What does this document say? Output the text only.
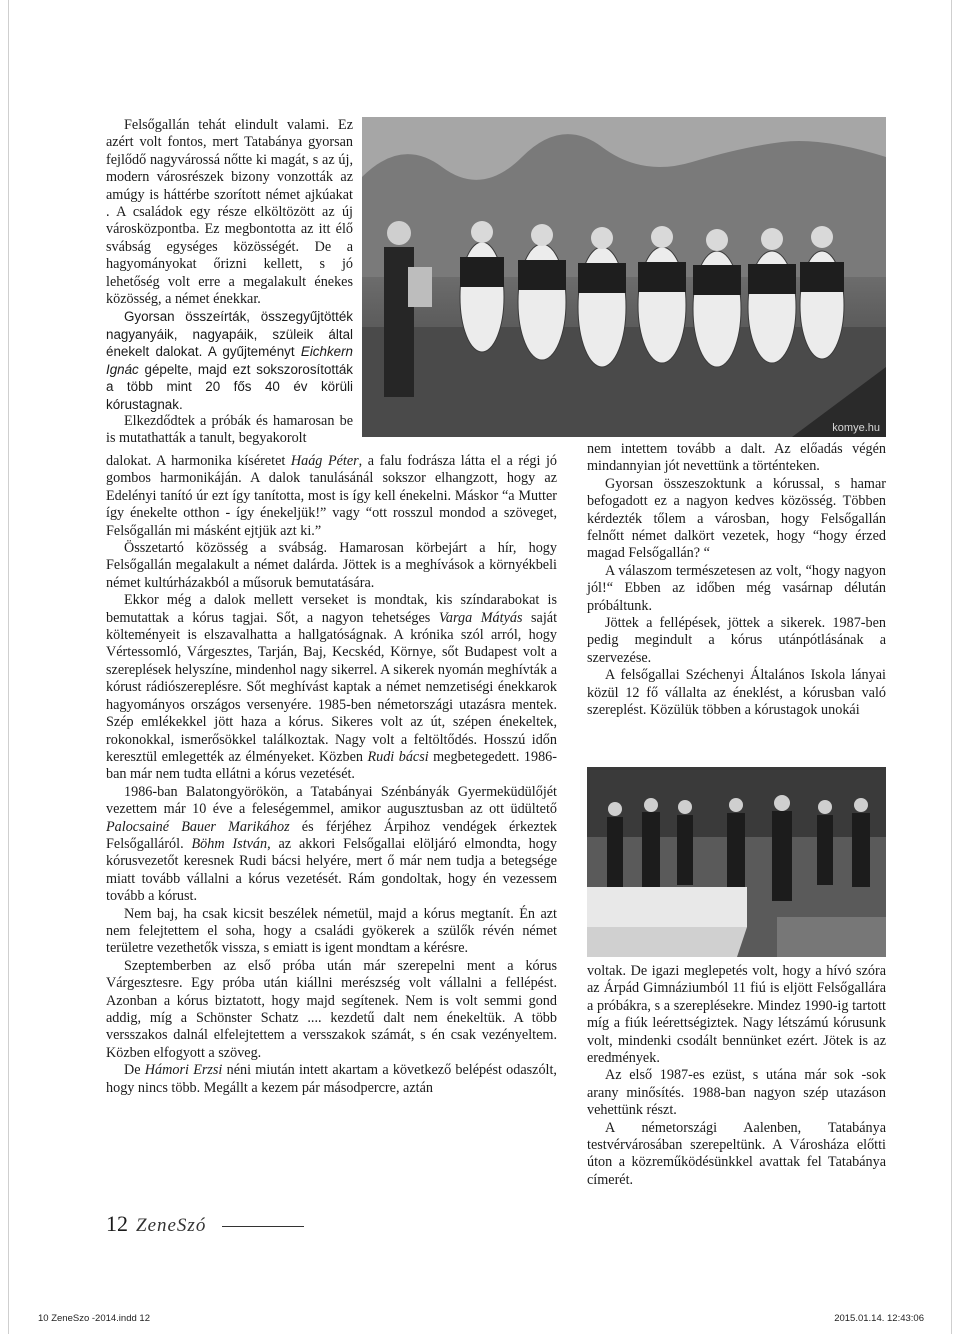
Felsőgallán tehát elindult valami. Ez azért volt fontos, mert Tatabánya gyorsan fejlődő nagyvárossá nőtte ki magát, s az új, modern városrészek bizony vonzották az amúgy is háttérbe szorított német ajkúakat . A családok egy része elköltözött az új városközpontba. Ez megbontotta az itt élő svábság egységes közösségét. De a hagyományokat őrizni kellett, s jó lehetőség volt erre a megalakult énekes közösség, a német énekkar.

Gyorsan összeírták, összegyűjtötték nagyanyáik, nagyapáik, szüleik által énekelt dalokat. A gyűjteményt Eichkern Ignác gépelte, majd ezt sokszorosították a több mint 20 fős 40 év körüli kórustagnak.

Elkezdődtek a próbák és hamarosan be is mutathatták a tanult, begyakorolt

komye.hu

dalokat. A harmonika kíséretet Haág Péter, a falu fodrásza látta el a régi jó gombos harmonikáján. A dalok tanulásánál sokszor elhangzott, hogy az Edelényi tanító úr ezt így tanította, most is így kell énekelni. Máskor “a Mutter így énekelte otthon - így énekeljük!” vagy “ott rosszul mondod a szöveget, Felsőgallán mi másként ejtjük azt ki.”

Összetartó közösség a svábság. Hamarosan körbejárt a hír, hogy Felsőgallán megalakult a német dalárda. Jöttek is a meghívások a környékbeli német kultúrházakból a műsoruk bemutatására.

Ekkor még a dalok mellett verseket is mondtak, kis színdarabokat is bemutattak a kórus tagjai. Sőt, a nagyon tehetséges Varga Mátyás saját költeményeit is elszavalhatta a hallgatóságnak. A krónika szól arról, hogy Vértessomló, Várgesztes, Tarján, Baj, Kecskéd, Környe, sőt Budapest volt a szereplések helyszíne, mindenhol nagy sikerrel. A sikerek nyomán meghívták a kórust rádiószereplésre. Sőt meghívást kaptak a német nemzetiségi énekkarok hagyományos országos versenyére. 1985-ben németországi utazásra mentek. Szép emlékekkel jött haza a kórus. Sikeres volt az út, szépen énekeltek, rokonokkal, ismerősökkel találkoztak. Nagy volt a feltöltődés. Hosszú időn keresztül emlegették az élményeket. Közben Rudi bácsi megbetegedett. 1986-ban már nem tudta ellátni a kórus vezetését.

1986-ban Balatongyörökön, a Tatabányai Szénbányák Gyermeküdülőjét vezettem már 10 éve a feleségemmel, amikor augusztusban az ott üdültető Palocsainé Bauer Marikához és férjéhez Árpihoz vendégek érkeztek Felsőgalláról. Böhm István, az akkori Felsőgallai elöljáró elmondta, hogy kórusvezetőt keresnek Rudi bácsi helyére, mert ő már nem tudja a betegsége miatt tovább vállalni a kórus vezetését. Rám gondoltak, hogy én vezessem tovább a kórust.

Nem baj, ha csak kicsit beszélek németül, majd a kórus megtanít. Én azt nem felejtettem el soha, hogy a családi gyökerek a szülők révén német területre vezethetők vissza, s emiatt is igent mondtam a kérésre.

Szeptemberben az első próba után már szerepelni ment a kórus Várgesztesre. Egy próba után kiállni merészség volt vállalni a fellépést. Azonban a kórus biztatott, hogy majd segítenek. Nem is volt semmi gond addig, míg a Schönster Schatz .... kezdetű dalt nem énekeltük. A több versszakos dalnál elfelejtettem a versszakok számát, s én csak vezényeltem. Közben elfogyott a szöveg.

De Hámori Erzsi néni miután intett akartam a következő belépést odaszólt, hogy nincs több. Megállt a kezem pár másodpercre, aztán

nem intettem tovább a dalt. Az előadás végén mindannyian jót nevettünk a történteken.

Gyorsan összeszoktunk a kórussal, s hamar befogadott ez a nagyon kedves közösség. Többen kérdezték tőlem a városban, hogy Felsőgallán felnőtt német dalkört vezetek, hogy “hogy érzed magad Felsőgallán? “

A válaszom természetesen az volt, “hogy nagyon jól!“ Ebben az időben még vasárnap délután próbáltunk.

Jöttek a fellépések, jöttek a sikerek. 1987-ben pedig megindult a kórus utánpótlásának a szervezése.

A felsőgallai Széchenyi Általános Iskola lányai közül 12 fő vállalta az éneklést, a kórusban való szereplést. Közülük többen a kórustagok unokái

voltak. De igazi meglepetés volt, hogy a hívó szóra az Árpád Gimnáziumból 11 fiú is eljött Felsőgallára a próbákra, s a szereplésekre. Mindez 1990-ig tartott míg a fiúk leérettségiztek. Nagy létszámú kórusunk volt, mindenki csodált bennünket ezért. Jötek is az eredmények.

Az első 1987-es ezüst, s utána már sok -sok arany minősítés. 1988-ban nagyon szép utazáson vehettünk részt.

A németországi Aalenben, Tatabánya testvérvárosában szerepeltünk. A Városháza előtti úton a közreműködésünkkel avattak fel Tatabánya címerét.

12 ZeneSzó
10 ZeneSzo -2014.indd 12	2015.01.14. 12:43:06
